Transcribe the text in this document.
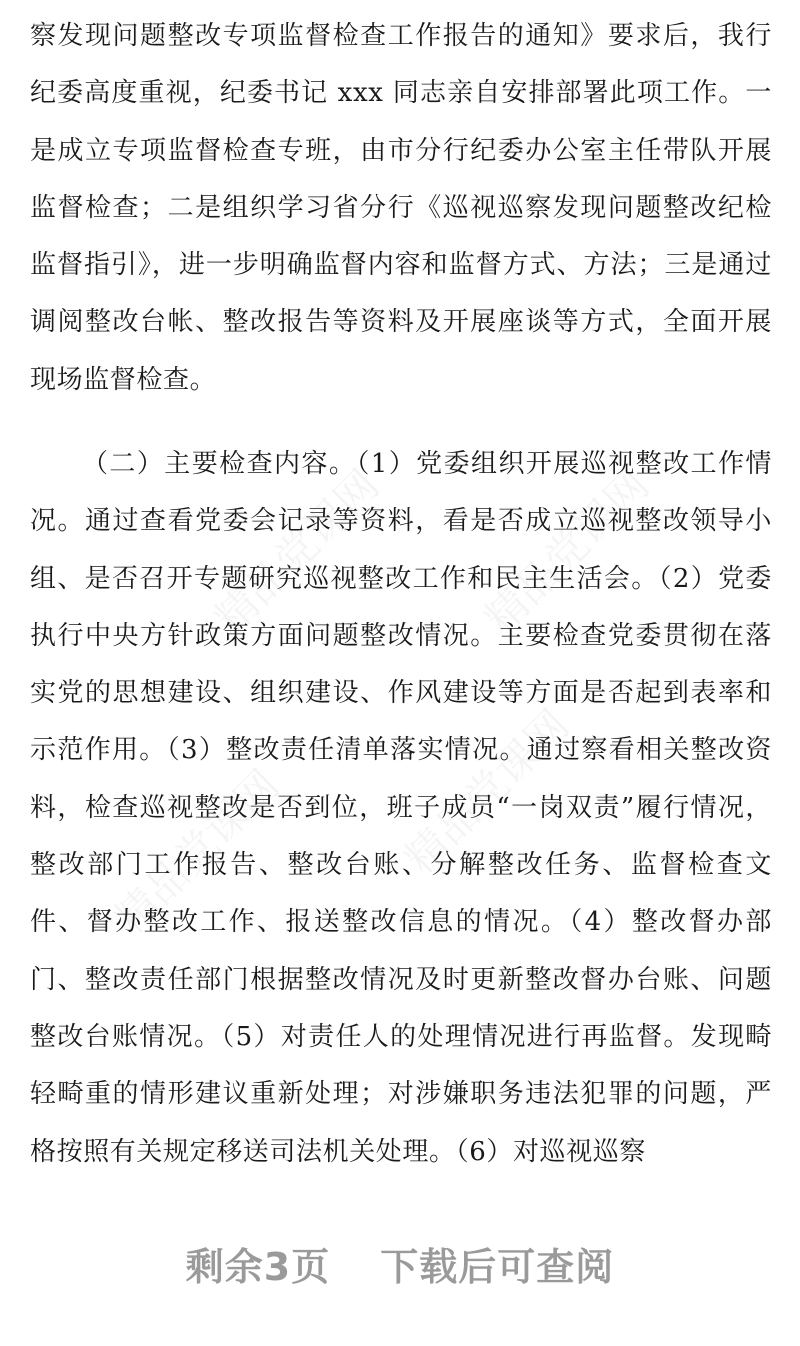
察发现问题整改专项监督检查工作报告的通知》要求后，我行纪委高度重视，纪委书记 xxx 同志亲自安排部署此项工作。一是成立专项监督检查专班，由市分行纪委办公室主任带队开展监督检查；二是组织学习省分行《巡视巡察发现问题整改纪检监督指引》，进一步明确监督内容和监督方式、方法；三是通过调阅整改台帐、整改报告等资料及开展座谈等方式，全面开展现场监督检查。

（二）主要检查内容。（1）党委组织开展巡视整改工作情况。通过查看党委会记录等资料，看是否成立巡视整改领导小组、是否召开专题研究巡视整改工作和民主生活会。（2）党委执行中央方针政策方面问题整改情况。主要检查党委贯彻在落实党的思想建设、组织建设、作风建设等方面是否起到表率和示范作用。（3）整改责任清单落实情况。通过察看相关整改资料，检查巡视整改是否到位，班子成员“一岗双责”履行情况，整改部门工作报告、整改台账、分解整改任务、监督检查文件、督办整改工作、报送整改信息的情况。（4）整改督办部门、整改责任部门根据整改情况及时更新整改督办台账、问题整改台账情况。（5）对责任人的处理情况进行再监督。发现畸轻畸重的情形建议重新处理；对涉嫌职务违法犯罪的问题，严格按照有关规定移送司法机关处理。（6）对巡视巡察

剩余3页 下载后可查阅
